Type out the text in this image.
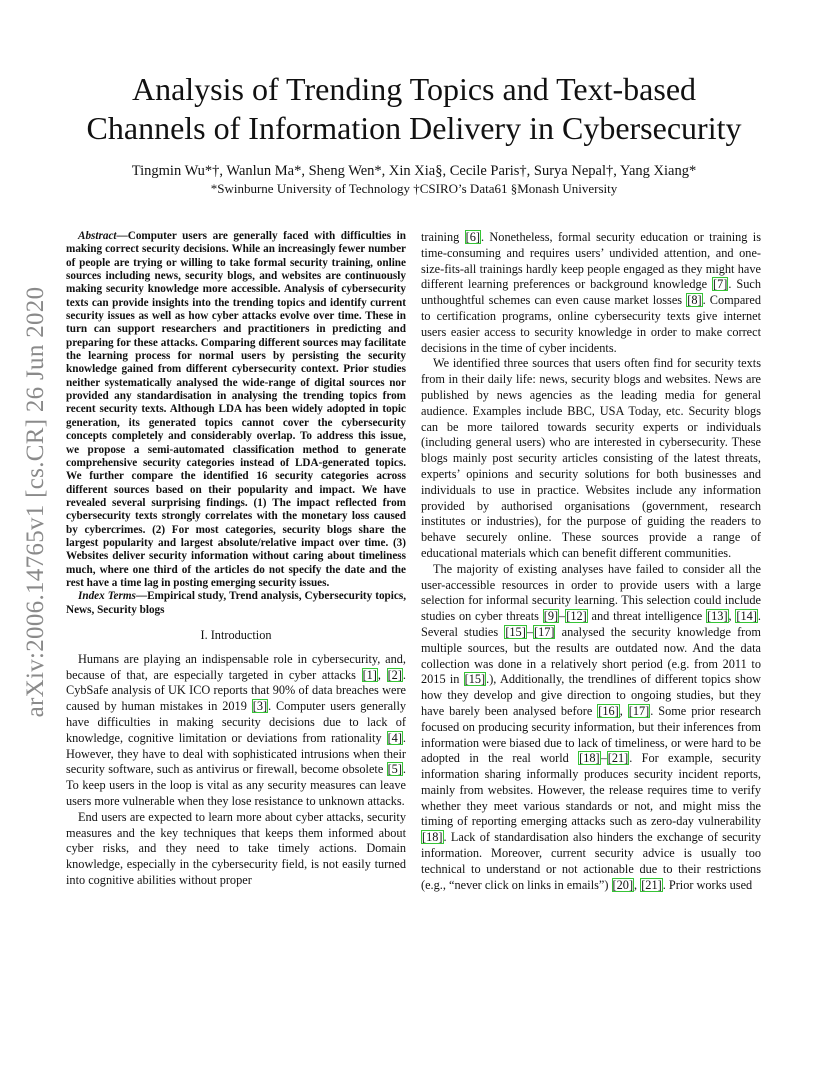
arXiv:2006.14765v1 [cs.CR] 26 Jun 2020
Analysis of Trending Topics and Text-based
Channels of Information Delivery in Cybersecurity
Tingmin Wu*†, Wanlun Ma*, Sheng Wen*, Xin Xia§, Cecile Paris†, Surya Nepal†, Yang Xiang*
*Swinburne University of Technology †CSIRO’s Data61 §Monash University

Abstract—Computer users are generally faced with difficulties in making correct security decisions. While an increasingly fewer number of people are trying or willing to take formal security training, online sources including news, security blogs, and websites are continuously making security knowledge more accessible. Analysis of cybersecurity texts can provide insights into the trending topics and identify current security issues as well as how cyber attacks evolve over time. These in turn can support researchers and practitioners in predicting and preparing for these attacks. Comparing different sources may facilitate the learning process for normal users by persisting the security knowledge gained from different cybersecurity context. Prior studies neither systematically analysed the wide-range of digital sources nor provided any standardisation in analysing the trending topics from recent security texts. Although LDA has been widely adopted in topic generation, its generated topics cannot cover the cybersecurity concepts completely and considerably overlap. To address this issue, we propose a semi-automated classification method to generate comprehensive security categories instead of LDA-generated topics. We further compare the identified 16 security categories across different sources based on their popularity and impact. We have revealed several surprising findings. (1) The impact reflected from cybersecurity texts strongly correlates with the monetary loss caused by cybercrimes. (2) For most categories, security blogs share the largest popularity and largest absolute/relative impact over time. (3) Websites deliver security information without caring about timeliness much, where one third of the articles do not specify the date and the rest have a time lag in posting emerging security issues.

Index Terms—Empirical study, Trend analysis, Cybersecurity topics, News, Security blogs

I. Introduction

Humans are playing an indispensable role in cybersecurity, and, because of that, are especially targeted in cyber attacks [1], [2]. CybSafe analysis of UK ICO reports that 90% of data breaches were caused by human mistakes in 2019 [3]. Computer users generally have difficulties in making security decisions due to lack of knowledge, cognitive limitation or deviations from rationality [4]. However, they have to deal with sophisticated intrusions when their security software, such as antivirus or firewall, become obsolete [5]. To keep users in the loop is vital as any security measures can leave users more vulnerable when they lose resistance to unknown attacks.

End users are expected to learn more about cyber attacks, security measures and the key techniques that keeps them informed about cyber risks, and they need to take timely actions. Domain knowledge, especially in the cybersecurity field, is not easily turned into cognitive abilities without proper

training [6]. Nonetheless, formal security education or training is time-consuming and requires users’ undivided attention, and one-size-fits-all trainings hardly keep people engaged as they might have different learning preferences or background knowledge [7]. Such unthoughtful schemes can even cause market losses [8]. Compared to certification programs, online cybersecurity texts give internet users easier access to security knowledge in order to make correct decisions in the time of cyber incidents.

We identified three sources that users often find for security texts from in their daily life: news, security blogs and websites. News are published by news agencies as the leading media for general audience. Examples include BBC, USA Today, etc. Security blogs can be more tailored towards security experts or individuals (including general users) who are interested in cybersecurity. These blogs mainly post security articles consisting of the latest threats, experts’ opinions and security solutions for both businesses and individuals to use in practice. Websites include any information provided by authorised organisations (government, research institutes or industries), for the purpose of guiding the readers to behave securely online. These sources provide a range of educational materials which can benefit different communities.

The majority of existing analyses have failed to consider all the user-accessible resources in order to provide users with a large selection for informal security learning. This selection could include studies on cyber threats [9]–[12] and threat intelligence [13], [14]. Several studies [15]–[17] analysed the security knowledge from multiple sources, but the results are outdated now. And the data collection was done in a relatively short period (e.g. from 2011 to 2015 in [15].), Additionally, the trendlines of different topics show how they develop and give direction to ongoing studies, but they have barely been analysed before [16], [17]. Some prior research focused on producing security information, but their inferences from information were biased due to lack of timeliness, or were hard to be adopted in the real world [18]–[21]. For example, security information sharing informally produces security incident reports, mainly from websites. However, the release requires time to verify whether they meet various standards or not, and might miss the timing of reporting emerging attacks such as zero-day vulnerability [18]. Lack of standardisation also hinders the exchange of security information. Moreover, current security advice is usually too technical to understand or not actionable due to their restrictions (e.g., “never click on links in emails”) [20], [21]. Prior works used
